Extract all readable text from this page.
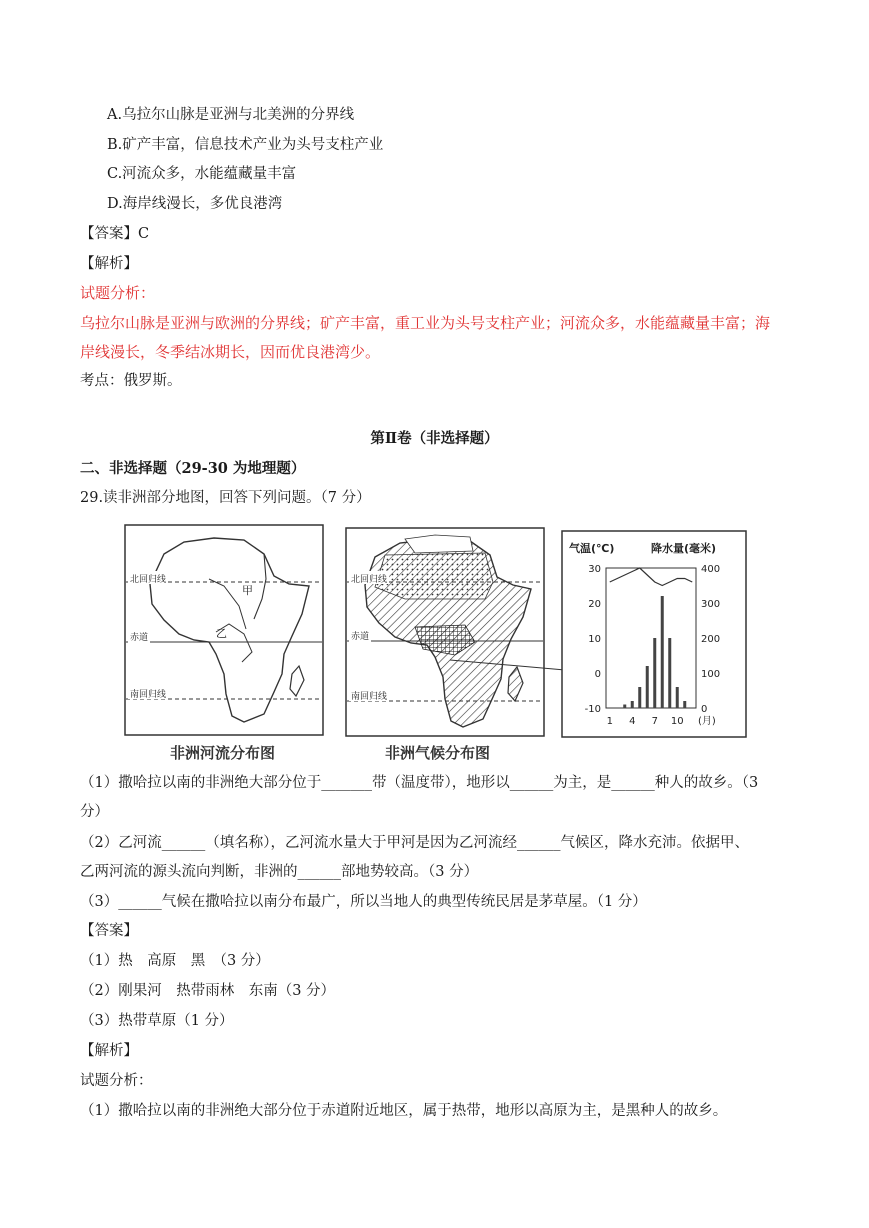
A.乌拉尔山脉是亚洲与北美洲的分界线
B.矿产丰富，信息技术产业为头号支柱产业
C.河流众多，水能蕴藏量丰富
D.海岸线漫长，多优良港湾
【答案】C
【解析】
试题分析：
乌拉尔山脉是亚洲与欧洲的分界线；矿产丰富，重工业为头号支柱产业；河流众多，水能蕴藏量丰富；海
岸线漫长，冬季结冰期长，因而优良港湾少。
考点：俄罗斯。
第Ⅱ卷（非选择题）
二、非选择题（29-30 为地理题）
29.读非洲部分地图，回答下列问题。（7 分）
北回归线
赤道
南回归线
甲
乙
非洲河流分布图
北回归线
赤道
南回归线
非洲气候分布图
气温(℃)	降水量(毫米)
30
20
10
0
-10
400
300
200
100
0
1 4 7 10 (月)
（1）撒哈拉以南的非洲绝大部分位于_______带（温度带），地形以______为主，是______种人的故乡。（3
分）
（2）乙河流______（填名称），乙河流水量大于甲河是因为乙河流经______气候区，降水充沛。依据甲、
乙两河流的源头流向判断，非洲的______部地势较高。（3 分）
（3）______气候在撒哈拉以南分布最广，所以当地人的典型传统民居是茅草屋。（1 分）
【答案】
（1）热　高原　黑　（3 分）
（2）刚果河　热带雨林　东南（3 分）
（3）热带草原（1 分）
【解析】
试题分析：
（1）撒哈拉以南的非洲绝大部分位于赤道附近地区，属于热带，地形以高原为主，是黑种人的故乡。
